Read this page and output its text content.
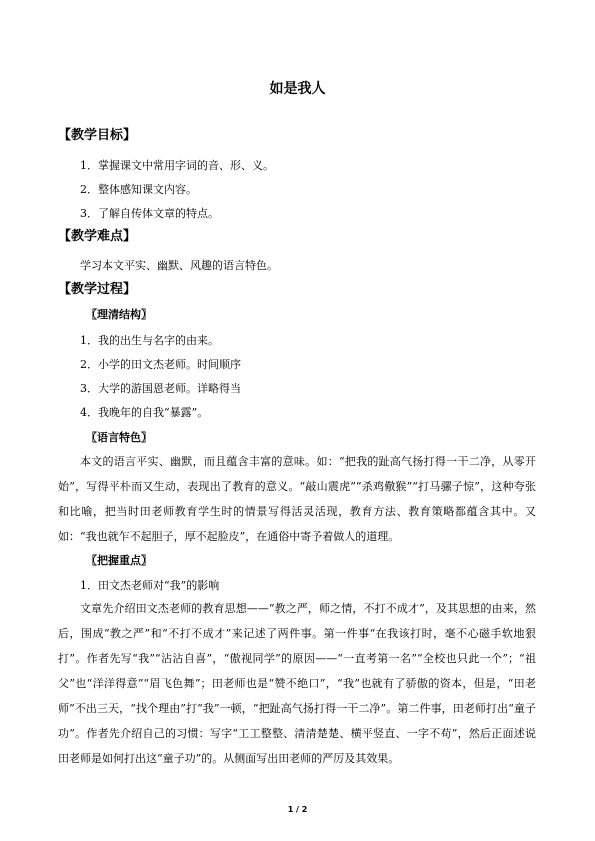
如是我人
【教学目标】
1．掌握课文中常用字词的音、形、义。
2．整体感知课文内容。
3．了解自传体文章的特点。
【教学难点】
学习本文平实、幽默、风趣的语言特色。
【教学过程】
〖理清结构〗
1．我的出生与名字的由来。
2．小学的田文杰老师。时间顺序
3．大学的游国恩老师。详略得当
4．我晚年的自我“暴露”。
〖语言特色〗

本文的语言平实、幽默，而且蕴含丰富的意味。如：“把我的趾高气扬打得一干二净，从零开始”，写得平朴而又生动，表现出了教育的意义。“敲山震虎”“杀鸡儆猴”“打马骡子惊”，这种夸张和比喻，把当时田老师教育学生时的情景写得活灵活现，教育方法、教育策略都蕴含其中。又如：“我也就乍不起胆子，厚不起脸皮”，在通俗中寄予着做人的道理。

〖把握重点〗
1．田文杰老师对“我”的影响

文章先介绍田文杰老师的教育思想——“教之严，师之情，不打不成才”，及其思想的由来，然后，围成“教之严”和“不打不成才”来记述了两件事。第一件事“在我该打时，毫不心磁手软地狠打”。作者先写“我”“沾沾自喜”，“傲视同学”的原因——“一直考第一名”“全校也只此一个”；“祖父”也“洋洋得意”“眉飞色舞”；田老师也是“赞不绝口”，“我”也就有了骄傲的资本，但是，“田老师”不出三天，“找个理由”打“我”一顿，“把趾高气扬打得一干二净”。第二件事，田老师打出“童子功”。作者先介绍自己的习惯：写字“工工整整、清清楚楚、横平竖直、一字不苟”，然后正面述说田老师是如何打出这“童子功”的。从侧面写出田老师的严厉及其效果。

1 / 2
